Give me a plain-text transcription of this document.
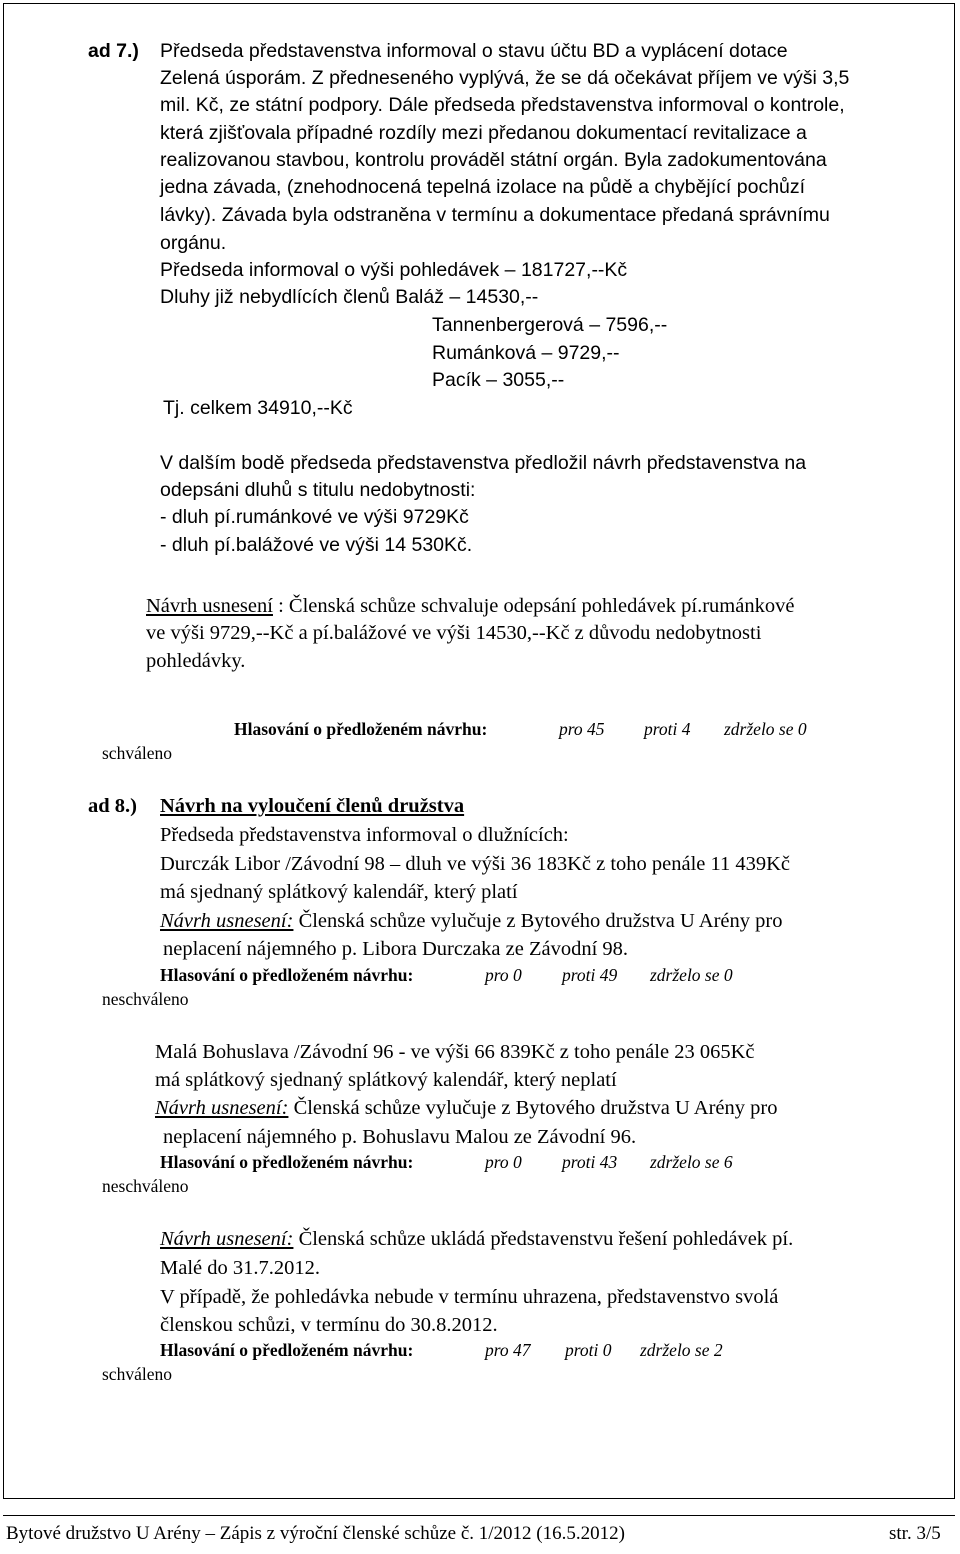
ad 7.) Předseda představenstva informoval o stavu účtu BD a vyplácení dotace
Zelená úsporám. Z předneseného vyplývá, že se dá očekávat příjem ve výši 3,5
mil. Kč, ze státní podpory. Dále předseda představenstva informoval o kontrole,
která zjišťovala případné rozdíly mezi předanou dokumentací revitalizace a
realizovanou stavbou, kontrolu prováděl státní orgán. Byla zadokumentována
jedna závada, (znehodnocená tepelná izolace na půdě a chybějící pochůzí
lávky). Závada byla odstraněna v termínu a dokumentace předaná správnímu
orgánu.
Předseda informoval o výši pohledávek – 181727,--Kč
Dluhy již nebydlících členů Baláž – 14530,--
Tannenbergerová – 7596,--
Rumánková – 9729,--
Pacík – 3055,--
Tj. celkem 34910,--Kč
V dalším bodě předseda představenstva předložil návrh představenstva na
odepsáni dluhů s titulu nedobytnosti:
- dluh pí.rumánkové ve výši 9729Kč
- dluh pí.balážové ve výši 14 530Kč.
Návrh usnesení : Členská schůze schvaluje odepsání pohledávek pí.rumánkové
ve výši 9729,--Kč a pí.balážové ve výši 14530,--Kč z důvodu nedobytnosti
pohledávky.
Hlasování o předloženém návrhu:	pro 45 proti 4 zdrželo se 0
schváleno
ad 8.) Návrh na vyloučení členů družstva
Předseda představenstva informoval o dlužnících:
Durczák Libor /Závodní 98 – dluh ve výši 36 183Kč z toho penále 11 439Kč
má sjednaný splátkový kalendář, který platí
Návrh usnesení: Členská schůze vylučuje z Bytového družstva U Arény pro
neplacení nájemného p. Libora Durczaka ze Závodní 98.
Hlasování o předloženém návrhu:	pro 0 proti 49 zdrželo se 0
neschváleno
Malá Bohuslava /Závodní 96 - ve výši 66 839Kč z toho penále 23 065Kč
má splátkový sjednaný splátkový kalendář, který neplatí
Návrh usnesení: Členská schůze vylučuje z Bytového družstva U Arény pro
neplacení nájemného p. Bohuslavu Malou ze Závodní 96.
Hlasování o předloženém návrhu:	pro 0 proti 43 zdrželo se 6
neschváleno
Návrh usnesení: Členská schůze ukládá představenstvu řešení pohledávek pí.
Malé do 31.7.2012.
V případě, že pohledávka nebude v termínu uhrazena, představenstvo svolá
členskou schůzi, v termínu do 30.8.2012.
Hlasování o předloženém návrhu:	pro 47 proti 0 zdrželo se 2
schváleno
Bytové družstvo U Arény – Zápis z výroční členské schůze č. 1/2012 (16.5.2012)	str. 3/5
